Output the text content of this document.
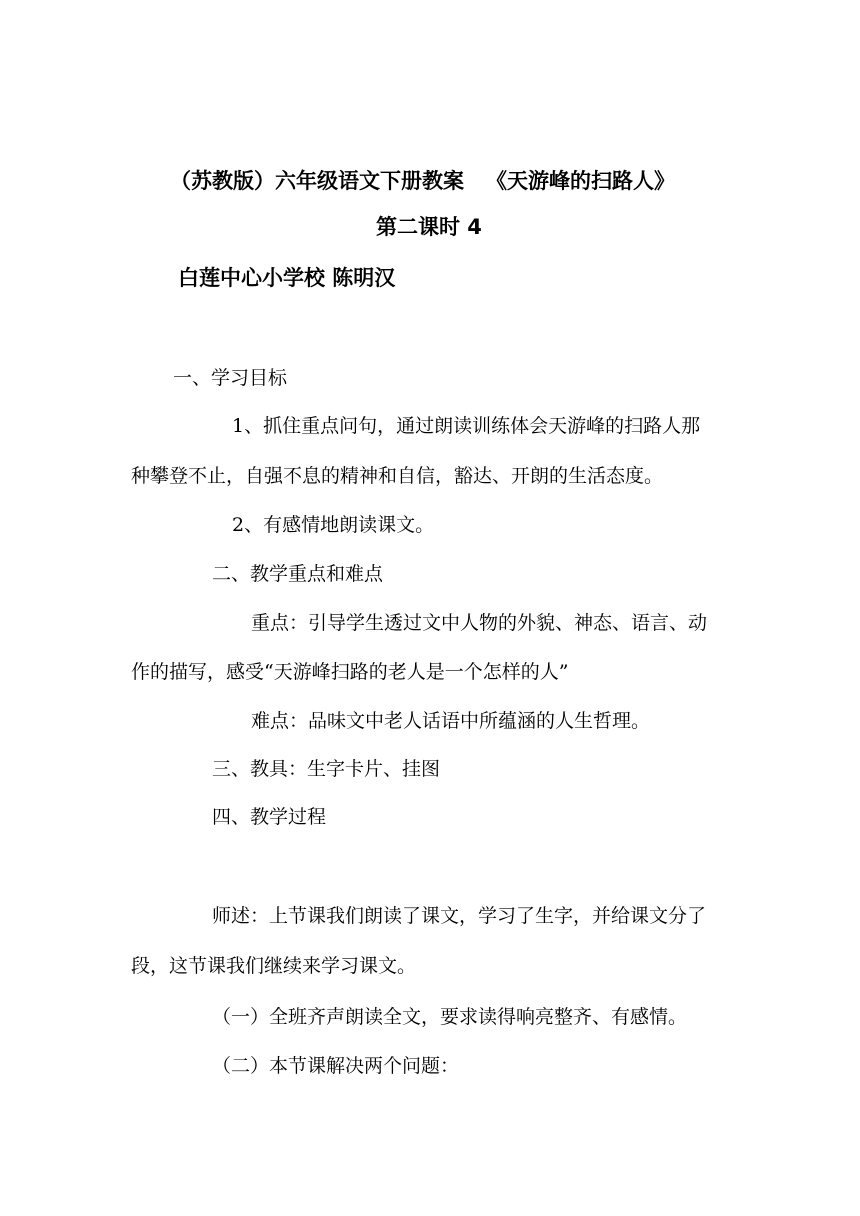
（苏教版）六年级语文下册教案 《天游峰的扫路人》
第二课时 4
白莲中心小学校 陈明汉
一、学习目标
1、抓住重点问句，通过朗读训练体会天游峰的扫路人那
种攀登不止，自强不息的精神和自信，豁达、开朗的生活态度。
2、有感情地朗读课文。
二、教学重点和难点
重点：引导学生透过文中人物的外貌、神态、语言、动
作的描写，感受“天游峰扫路的老人是一个怎样的人”
难点：品味文中老人话语中所蕴涵的人生哲理。
三、教具：生字卡片、挂图
四、教学过程
师述：上节课我们朗读了课文，学习了生字，并给课文分了
段，这节课我们继续来学习课文。
（一）全班齐声朗读全文，要求读得响亮整齐、有感情。
（二）本节课解决两个问题：
